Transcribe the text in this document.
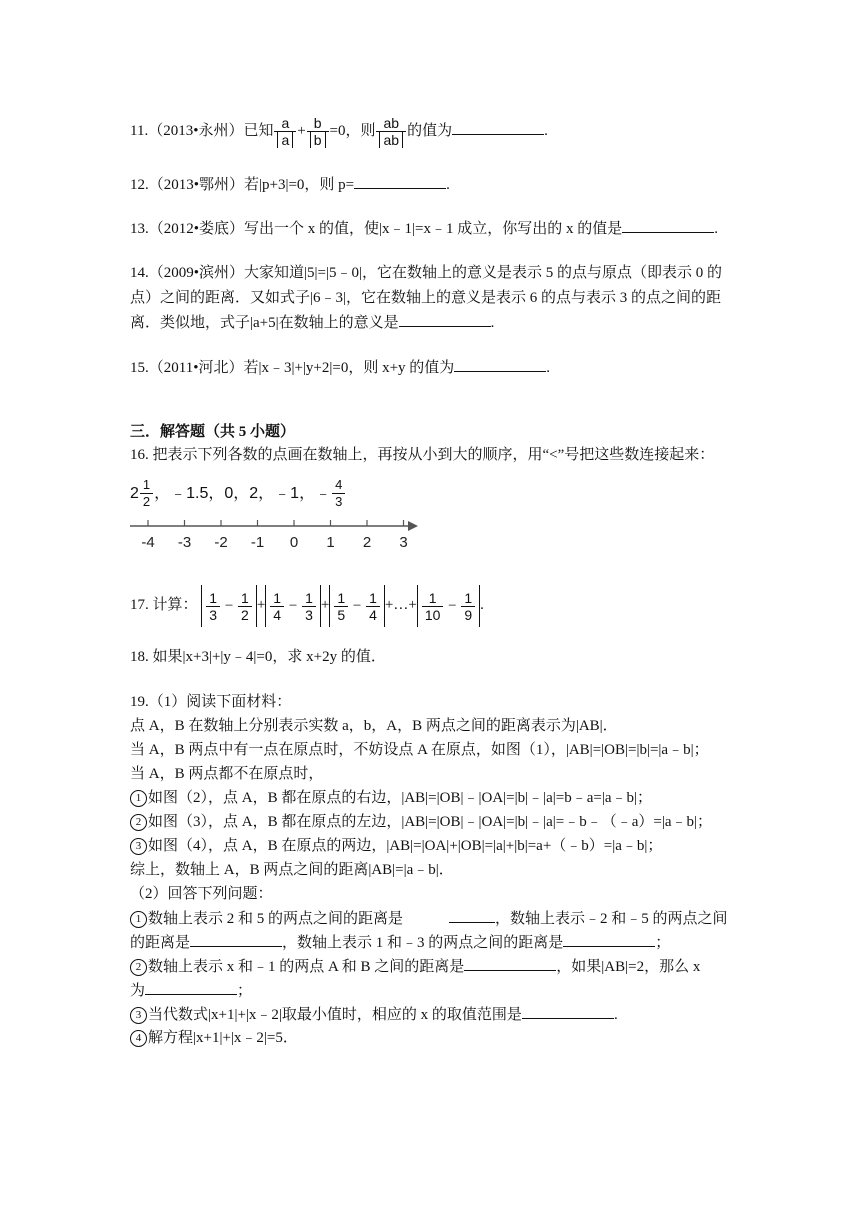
11.（2013•永州）已知 $\frac{a}{a} + \frac{b}{b} =0$，则 $\frac{ab}{ab}$ 的值为	.
12.（2013•鄂州）若|p+3|=0，则 p=	.
13.（2012•娄底）写出一个 x 的值，使|x﹣1|=x﹣1 成立，你写出的 x 的值是	.
14.（2009•滨州）大家知道|5|=|5﹣0|，它在数轴上的意义是表示 5 的点与原点（即表示 0 的
点）之间的距离．又如式子|6﹣3|，它在数轴上的意义是表示 6 的点与表示 3 的点之间的距
离．类似地，式子|a+5|在数轴上的意义是	.
15.（2011•河北）若|x﹣3|+|y+2|=0，则 x+y 的值为	.
三．解答题（共 5 小题）
16. 把表示下列各数的点画在数轴上，再按从小到大的顺序，用“<”号把这些数连接起来：
$2 \frac{1}{2}$ ，﹣1.5，0，2，﹣1，﹣ $\frac{4}{3}$
-4 -3 -2 -1 0 1 2 3
17. 计算： $\frac{1}{3} - \frac{1}{2} + \frac{1}{4} - \frac{1}{3} + \frac{1}{5} - \frac{1}{4}$ +…+ $\frac{1}{10} - \frac{1}{9}$ .
18. 如果|x+3|+|y﹣4|=0，求 x+2y 的值．
19.（1）阅读下面材料：
点 A，B 在数轴上分别表示实数 a，b，A，B 两点之间的距离表示为|AB|．
当 A，B 两点中有一点在原点时，不妨设点 A 在原点，如图（1），|AB|=|OB|=|b|=|a﹣b|；
当 A，B 两点都不在原点时，
1 如图（2），点 A，B 都在原点的右边，|AB|=|OB|﹣|OA|=|b|﹣|a|=b﹣a=|a﹣b|；
2 如图（3），点 A，B 都在原点的左边，|AB|=|OB|﹣|OA|=|b|﹣|a|=﹣b﹣（﹣a）=|a﹣b|；
3 如图（4），点 A，B 在原点的两边，|AB|=|OA|+|OB|=|a|+|b|=a+（﹣b）=|a﹣b|；
综上，数轴上 A，B 两点之间的距离|AB|=|a﹣b|．
（2）回答下列问题：
1 数轴上表示 2 和 5 的两点之间的距离是	，数轴上表示﹣2 和﹣5 的两点之间
的距离是	，数轴上表示 1 和﹣3 的两点之间的距离是	；
2 数轴上表示 x 和﹣1 的两点 A 和 B 之间的距离是	，如果|AB|=2，那么 x
为	；
3 当代数式|x+1|+|x﹣2|取最小值时，相应的 x 的取值范围是	.
4 解方程|x+1|+|x﹣2|=5．
